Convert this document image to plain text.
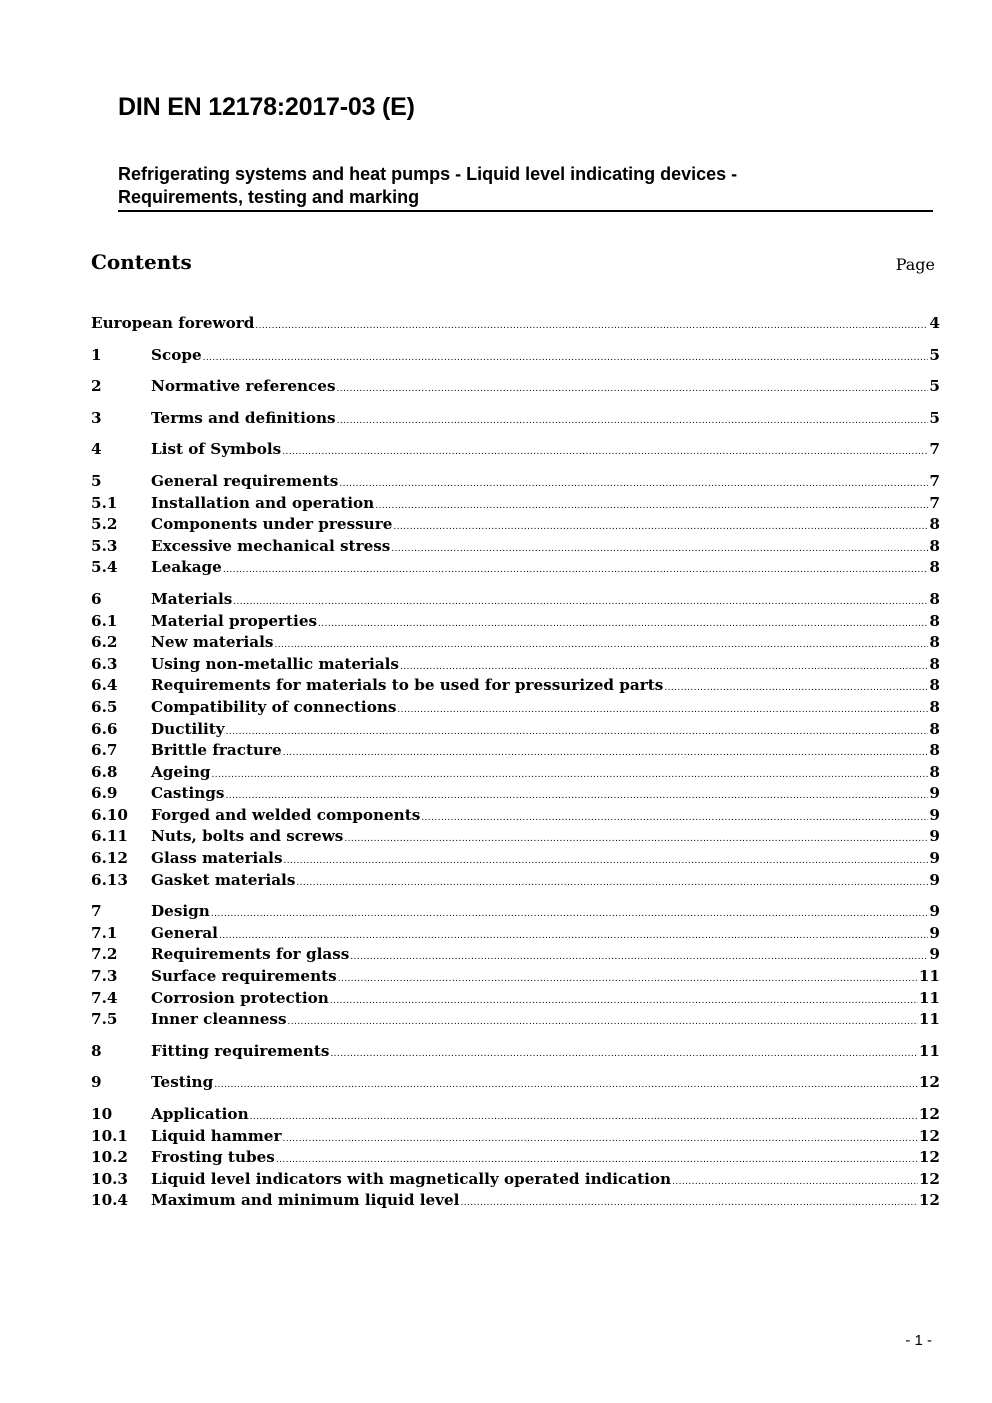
DIN EN 12178:2017-03 (E)
Refrigerating systems and heat pumps - Liquid level indicating devices -
Requirements, testing and marking
Contents	Page
European foreword .....	4
1	Scope .....	5
2	Normative references .....	5
3	Terms and definitions .....	5
4	List of Symbols .....	7
5	General requirements .....	7
5.1	Installation and operation .....	7
5.2	Components under pressure .....	8
5.3	Excessive mechanical stress .....	8
5.4	Leakage .....	8
6	Materials .....	8
6.1	Material properties .....	8
6.2	New materials .....	8
6.3	Using non-metallic materials .....	8
6.4	Requirements for materials to be used for pressurized parts .....	8
6.5	Compatibility of connections .....	8
6.6	Ductility .....	8
6.7	Brittle fracture .....	8
6.8	Ageing .....	8
6.9	Castings .....	9
6.10	Forged and welded components .....	9
6.11	Nuts, bolts and screws .....	9
6.12	Glass materials .....	9
6.13	Gasket materials .....	9
7	Design .....	9
7.1	General .....	9
7.2	Requirements for glass .....	9
7.3	Surface requirements .....	11
7.4	Corrosion protection .....	11
7.5	Inner cleanness .....	11
8	Fitting requirements .....	11
9	Testing .....	12
10	Application .....	12
10.1	Liquid hammer .....	12
10.2	Frosting tubes .....	12
10.3	Liquid level indicators with magnetically operated indication .....	12
10.4	Maximum and minimum liquid level .....	12
- 1 -
